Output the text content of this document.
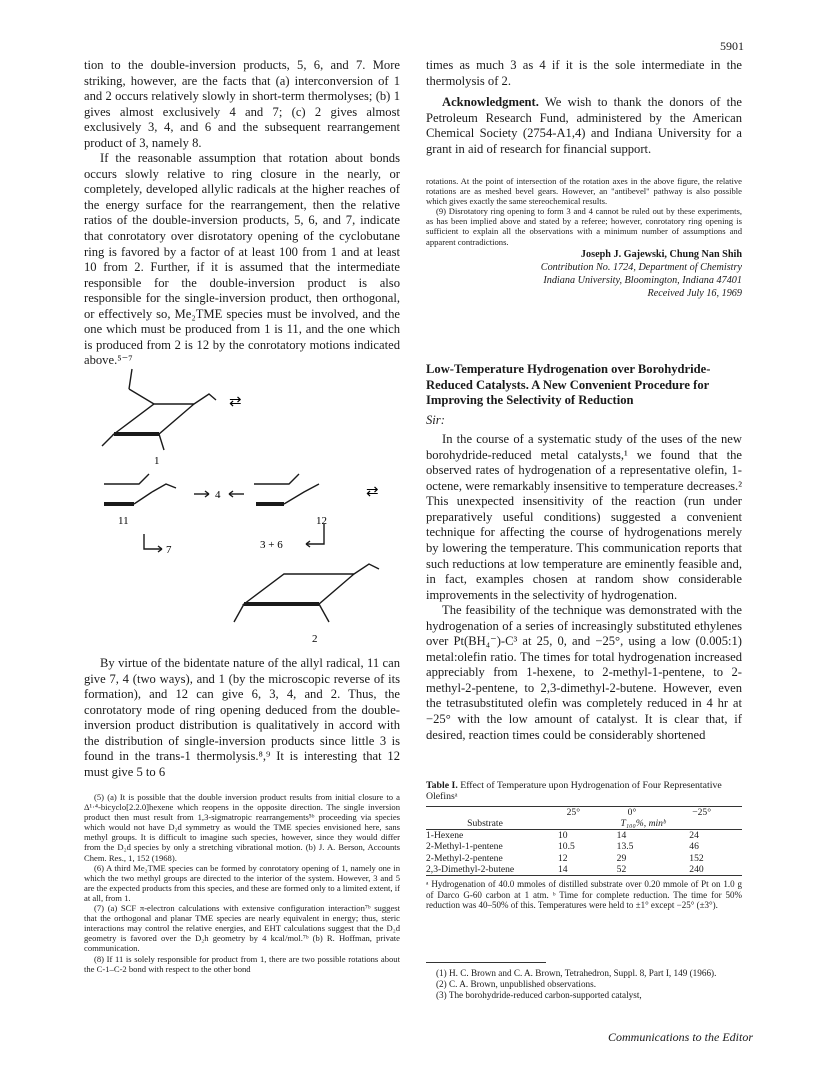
5901

tion to the double-inversion products, 5, 6, and 7. More striking, however, are the facts that (a) interconversion of 1 and 2 occurs relatively slowly in short-term thermolyses; (b) 1 gives almost exclusively 4 and 7; (c) 2 gives almost exclusively 3, 4, and 6 and the subsequent rearrangement product of 3, namely 8.

If the reasonable assumption that rotation about bonds occurs slowly relative to ring closure in the nearly, or completely, developed allylic radicals at the higher reaches of the energy surface for the rearrangement, then the relative ratios of the double-inversion products, 5, 6, and 7, indicate that conrotatory over disrotatory opening of the cyclobutane ring is favored by a factor of at least 100 from 1 and at least 10 from 2. Further, if it is assumed that the intermediate responsible for the double-inversion product is also responsible for the single-inversion product, then orthogonal, or effectively so, Me₂TME species must be involved, and the one which must be produced from 1 is 11, and the one which is produced from 2 is 12 by the conrotatory motions indicated above.⁵⁻⁷

⇄
⇄
1
11	12
4
7	3 + 6
2

By virtue of the bidentate nature of the allyl radical, 11 can give 7, 4 (two ways), and 1 (by the microscopic reverse of its formation), and 12 can give 6, 3, 4, and 2. Thus, the conrotatory mode of ring opening deduced from the double-inversion product distribution is qualitatively in accord with the distribution of single-inversion products since little 3 is found in the trans-1 thermolysis.⁸,⁹ It is interesting that 12 must give 5 to 6

(5) (a) It is possible that the double inversion product results from initial closure to a Δ¹·⁴-bicyclo[2.2.0]hexene which reopens in the opposite direction. The single inversion product then must result from 1,3-sigmatropic rearrangements⁵ᵇ proceeding via species which would not have D₂d symmetry as would the TME species envisioned here, sans methyl groups. It is difficult to imagine such species, however, since they would differ from the D₂d species by only a stretching vibrational motion. (b) J. A. Berson, Accounts Chem. Res., 1, 152 (1968).

(6) A third Me₂TME species can be formed by conrotatory opening of 1, namely one in which the two methyl groups are directed to the interior of the system. However, 3 and 5 are the expected products from this species, and these are formed only to a limited extent, if at all, from 1.

(7) (a) SCF π-electron calculations with extensive configuration interaction⁷ᵇ suggest that the orthogonal and planar TME species are nearly equivalent in energy; thus, steric interactions may control the relative energies, and EHT calculations suggest that the D₂d geometry is favored over the D₂h geometry by 4 kcal/mol.⁷ᵇ (b) R. Hoffman, private communication.

(8) If 11 is solely responsible for product from 1, there are two possible rotations about the C-1–C-2 bond with respect to the other bond

times as much 3 as 4 if it is the sole intermediate in the thermolysis of 2.

Acknowledgment. We wish to thank the donors of the Petroleum Research Fund, administered by the American Chemical Society (2754-A1,4) and Indiana University for a grant in aid of research for financial support.

rotations. At the point of intersection of the rotation axes in the above figure, the relative rotations are as meshed bevel gears. However, an "antibevel" pathway is also possible which gives exactly the same stereochemical results.

(9) Disrotatory ring opening to form 3 and 4 cannot be ruled out by these experiments, as has been implied above and stated by a referee; however, conrotatory ring opening is sufficient to explain all the observations with a minimum number of assumptions and apparent contradictions.

Joseph J. Gajewski, Chung Nan Shih
Contribution No. 1724, Department of Chemistry
Indiana University, Bloomington, Indiana 47401
Received July 16, 1969

Low-Temperature Hydrogenation over Borohydride-Reduced Catalysts. A New Convenient Procedure for Improving the Selectivity of Reduction

Sir:

In the course of a systematic study of the uses of the new borohydride-reduced metal catalysts,¹ we found that the observed rates of hydrogenation of a representative olefin, 1-octene, were remarkably insensitive to temperature decreases.² This unexpected insensitivity of the reaction (run under preparatively useful conditions) suggested a convenient technique for affecting the course of hydrogenations merely by lowering the temperature. This communication reports that such reductions at low temperature are eminently feasible and, in fact, examples chosen at random show considerable improvements in the selectivity of hydrogenation.

The feasibility of the technique was demonstrated with the hydrogenation of a series of increasingly substituted ethylenes over Pt(BH₄⁻)-C³ at 25, 0, and −25°, using a low (0.005:1) metal:olefin ratio. The times for total hydrogenation increased appreciably from 1-hexene, to 2-methyl-1-pentene, to 2-methyl-2-pentene, to 2,3-dimethyl-2-butene. However, even the tetrasubstituted olefin was completely reduced in 4 hr at −25° with the low amount of catalyst. It is clear that, if desired, reaction times could be considerably shortened

Table I. Effect of Temperature upon Hydrogenation of Four Representative Olefinsᵃ
	25°	0°	−25°
Substrate	T₁₀₀%, minᵇ		
1-Hexene	10	14	24
2-Methyl-1-pentene	10.5	13.5	46
2-Methyl-2-pentene	12	29	152
2,3-Dimethyl-2-butene	14	52	240
ᵃ Hydrogenation of 40.0 mmoles of distilled substrate over 0.20 mmole of Pt on 1.0 g of Darco G-60 carbon at 1 atm. ᵇ Time for complete reduction. The time for 50% reduction was 40–50% of this. Temperatures were held to ±1° except −25° (±3°).

(1) H. C. Brown and C. A. Brown, Tetrahedron, Suppl. 8, Part I, 149 (1966).

(2) C. A. Brown, unpublished observations.

(3) The borohydride-reduced carbon-supported catalyst,

Communications to the Editor
